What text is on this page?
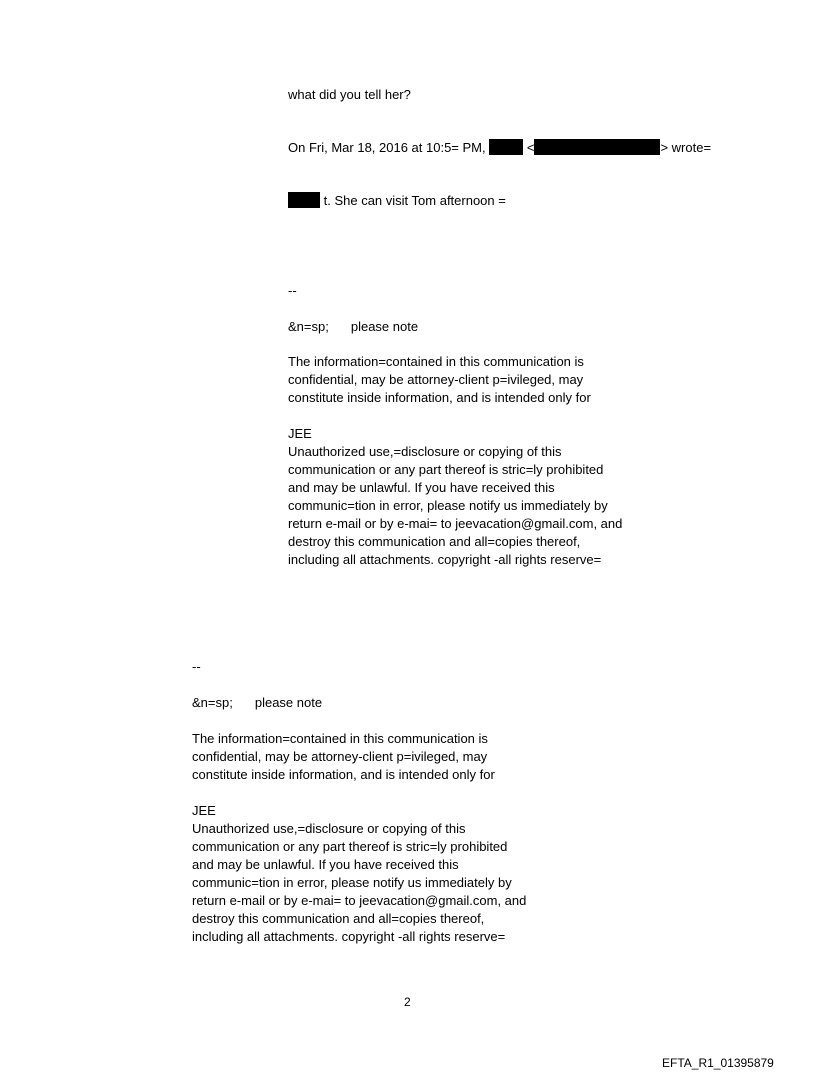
what did you tell her?
On Fri, Mar 18, 2016 at 10:5= PM,	<	> wrote=
t. She can visit Tom afternoon =
--
&n=sp; please note
The information=contained in this communication is
confidential, may be attorney-client p=ivileged, may
constitute inside information, and is intended only for
JEE
Unauthorized use,=disclosure or copying of this
communication or any part thereof is stric=ly prohibited
and may be unlawful. If you have received this
communic=tion in error, please notify us immediately by
return e-mail or by e-mai= to jeevacation@gmail.com, and
destroy this communication and all=copies thereof,
including all attachments. copyright -all rights reserve=
--
&n=sp; please note
The information=contained in this communication is
confidential, may be attorney-client p=ivileged, may
constitute inside information, and is intended only for
JEE
Unauthorized use,=disclosure or copying of this
communication or any part thereof is stric=ly prohibited
and may be unlawful. If you have received this
communic=tion in error, please notify us immediately by
return e-mail or by e-mai= to jeevacation@gmail.com, and
destroy this communication and all=copies thereof,
including all attachments. copyright -all rights reserve=
2
EFTA_R1_01395879
